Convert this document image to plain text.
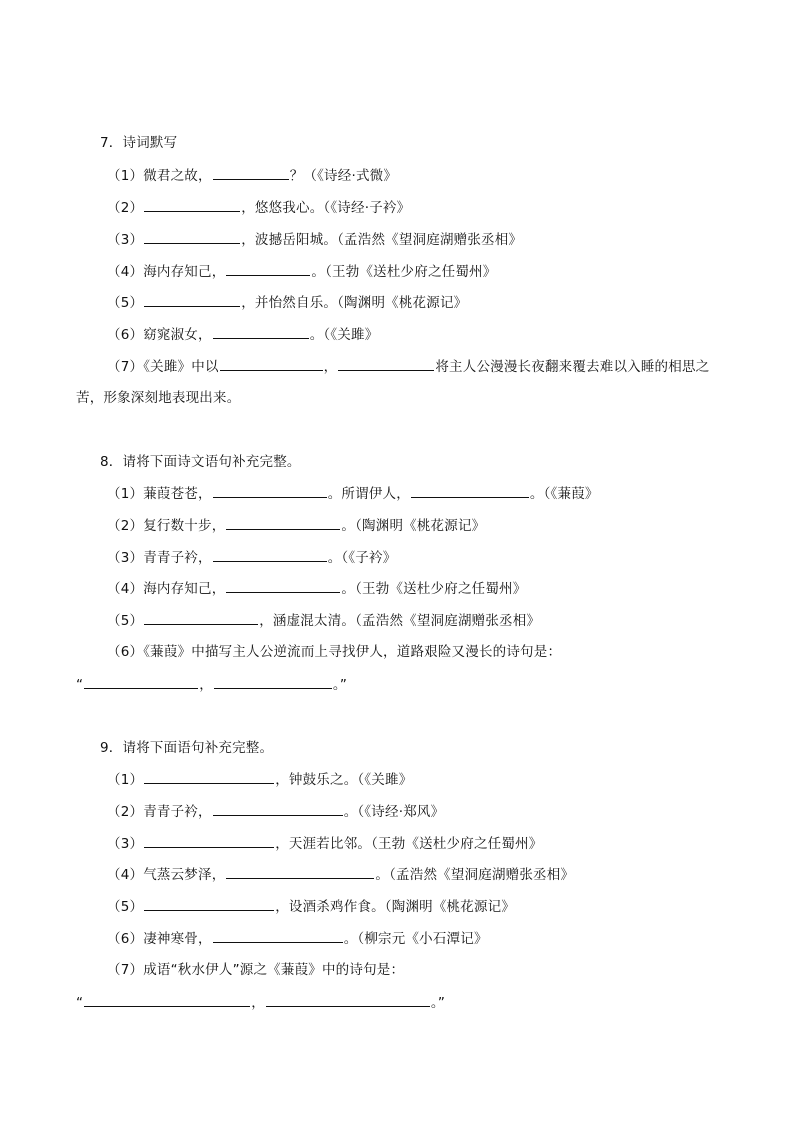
7．诗词默写
（1）微君之故，	？（《诗经·式微》
（2）	，悠悠我心。（《诗经·子衿》
（3）	，波撼岳阳城。（孟浩然《望洞庭湖赠张丞相》
（4）海内存知己，	。（王勃《送杜少府之任蜀州》
（5）	，并怡然自乐。（陶渊明《桃花源记》
（6）窈窕淑女，	。（《关雎》
（7）《关雎》中以	，	将主人公漫漫长夜翻来覆去难以入睡的相思之
苦，形象深刻地表现出来。
8．请将下面诗文语句补充完整。
（1）蒹葭苍苍，	。所谓伊人，	。（《蒹葭》
（2）复行数十步，	。（陶渊明《桃花源记》
（3）青青子衿，	。（《子衿》
（4）海内存知己，	。（王勃《送杜少府之任蜀州》
（5）	，涵虚混太清。（孟浩然《望洞庭湖赠张丞相》
（6）《蒹葭》中描写主人公逆流而上寻找伊人，道路艰险又漫长的诗句是：
“	，	。”
9．请将下面语句补充完整。
（1）	，钟鼓乐之。（《关雎》
（2）青青子衿，	。（《诗经·郑风》
（3）	，天涯若比邻。（王勃《送杜少府之任蜀州》
（4）气蒸云梦泽，	。（孟浩然《望洞庭湖赠张丞相》
（5）	，设酒杀鸡作食。（陶渊明《桃花源记》
（6）凄神寒骨，	。（柳宗元《小石潭记》
（7）成语“秋水伊人”源之《蒹葭》中的诗句是：
“	，	。”
